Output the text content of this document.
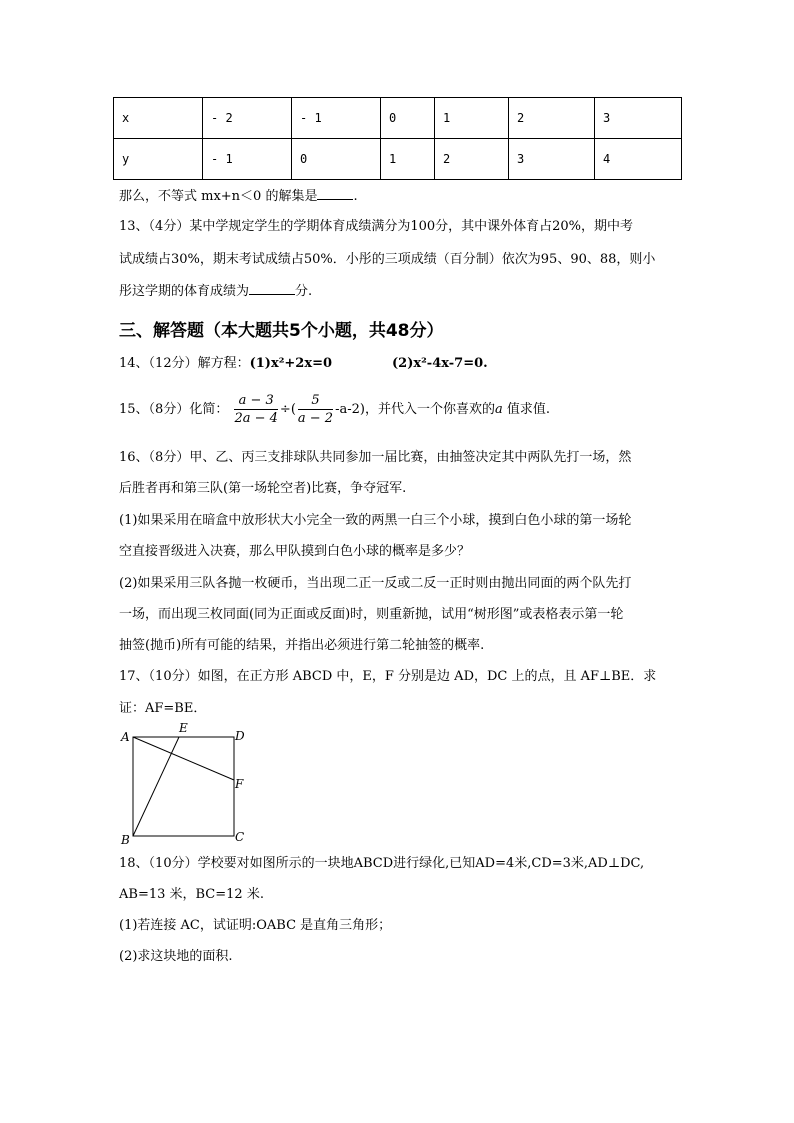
x	- 2	- 1	0	1	2	3
y	- 1	0	1	2	3	4
那么，不等式 mx+n＜0 的解集是	.
13、（4分）某中学规定学生的学期体育成绩满分为100分，其中课外体育占20%，期中考
试成绩占30%，期末考试成绩占50%．小彤的三项成绩（百分制）依次为95、90、88，则小
彤这学期的体育成绩为	分.
三、解答题（本大题共5个小题，共48分）
14、（12分）解方程：(1)x²+2x=0	(2)x²-4x-7=0.
15、（8分）化简： $\frac{a - 3}{2a - 4}$ ÷( $\frac{5}{a - 2} -a-2$)，并代入一个你喜欢的a 值求值.
16、（8分）甲、乙、丙三支排球队共同参加一届比赛，由抽签决定其中两队先打一场，然
后胜者再和第三队(第一场轮空者)比赛，争夺冠军.
(1)如果采用在暗盒中放形状大小完全一致的两黑一白三个小球，摸到白色小球的第一场轮
空直接晋级进入决赛，那么甲队摸到白色小球的概率是多少？
(2)如果采用三队各抛一枚硬币，当出现二正一反或二反一正时则由抛出同面的两个队先打
一场，而出现三枚同面(同为正面或反面)时，则重新抛，试用“树形图”或表格表示第一轮
抽签(抛币)所有可能的结果，并指出必须进行第二轮抽签的概率.
17、（10分）如图，在正方形 ABCD 中，E，F 分别是边 AD，DC 上的点，且 AF⊥BE．求
证：AF=BE．
A
E
D
F
B	C
18、（10分）学校要对如图所示的一块地ABCD进行绿化,已知AD=4米,CD=3米,AD⊥DC,
AB=13 米，BC=12 米.
(1)若连接 AC，试证明:OABC 是直角三角形；
(2)求这块地的面积.
